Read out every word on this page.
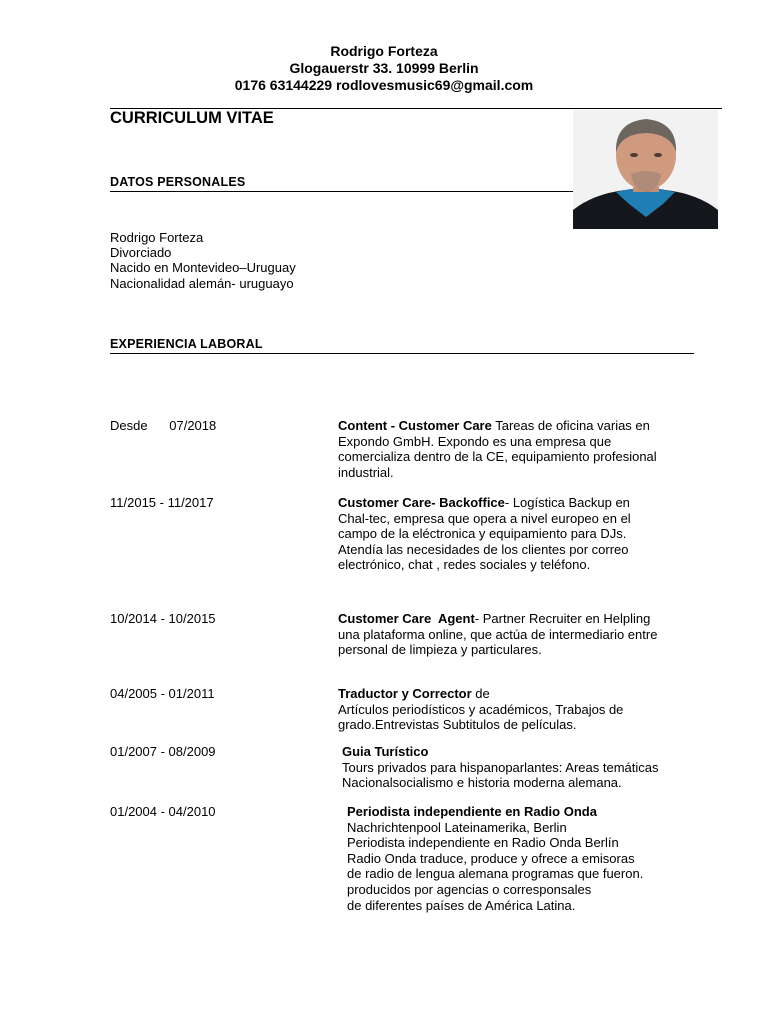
Rodrigo Forteza
Glogauerstr 33. 10999 Berlin
0176 63144229 rodlovesmusic69@gmail.com
CURRICULUM VITAE
DATOS PERSONALES
Rodrigo Forteza
Divorciado
Nacido en Montevideo–Uruguay
Nacionalidad alemán- uruguayo
EXPERIENCIA LABORAL
Desde      07/2018	Content - Customer Care Tareas de oficina varias en
Expondo GmbH. Expondo es una empresa que
comercializa dentro de la CE, equipamiento profesional
industrial.
11/2015 - 11/2017	Customer Care- Backoffice- Logística Backup en
Chal-tec, empresa que opera a nivel europeo en el
campo de la eléctronica y equipamiento para DJs.
Atendía las necesidades de los clientes por correo
electrónico, chat , redes sociales y teléfono.
10/2014 - 10/2015	Customer Care  Agent- Partner Recruiter en Helpling
una plataforma online, que actúa de intermediario entre
personal de limpieza y particulares.
04/2005 - 01/2011	Traductor y Corrector de
Artículos periodísticos y académicos, Trabajos de
grado.Entrevistas Subtitulos de películas.
01/2007 - 08/2009	Guia Turístico
Tours privados para hispanoparlantes: Areas temáticas
Nacionalsocialismo e historia moderna alemana.
01/2004 - 04/2010	Periodista independiente en Radio Onda
Nachrichtenpool Lateinamerika, Berlin
Periodista independiente en Radio Onda Berlín
Radio Onda traduce, produce y ofrece a emisoras
de radio de lengua alemana programas que fueron.
producidos por agencias o corresponsales
de diferentes países de América Latina.
